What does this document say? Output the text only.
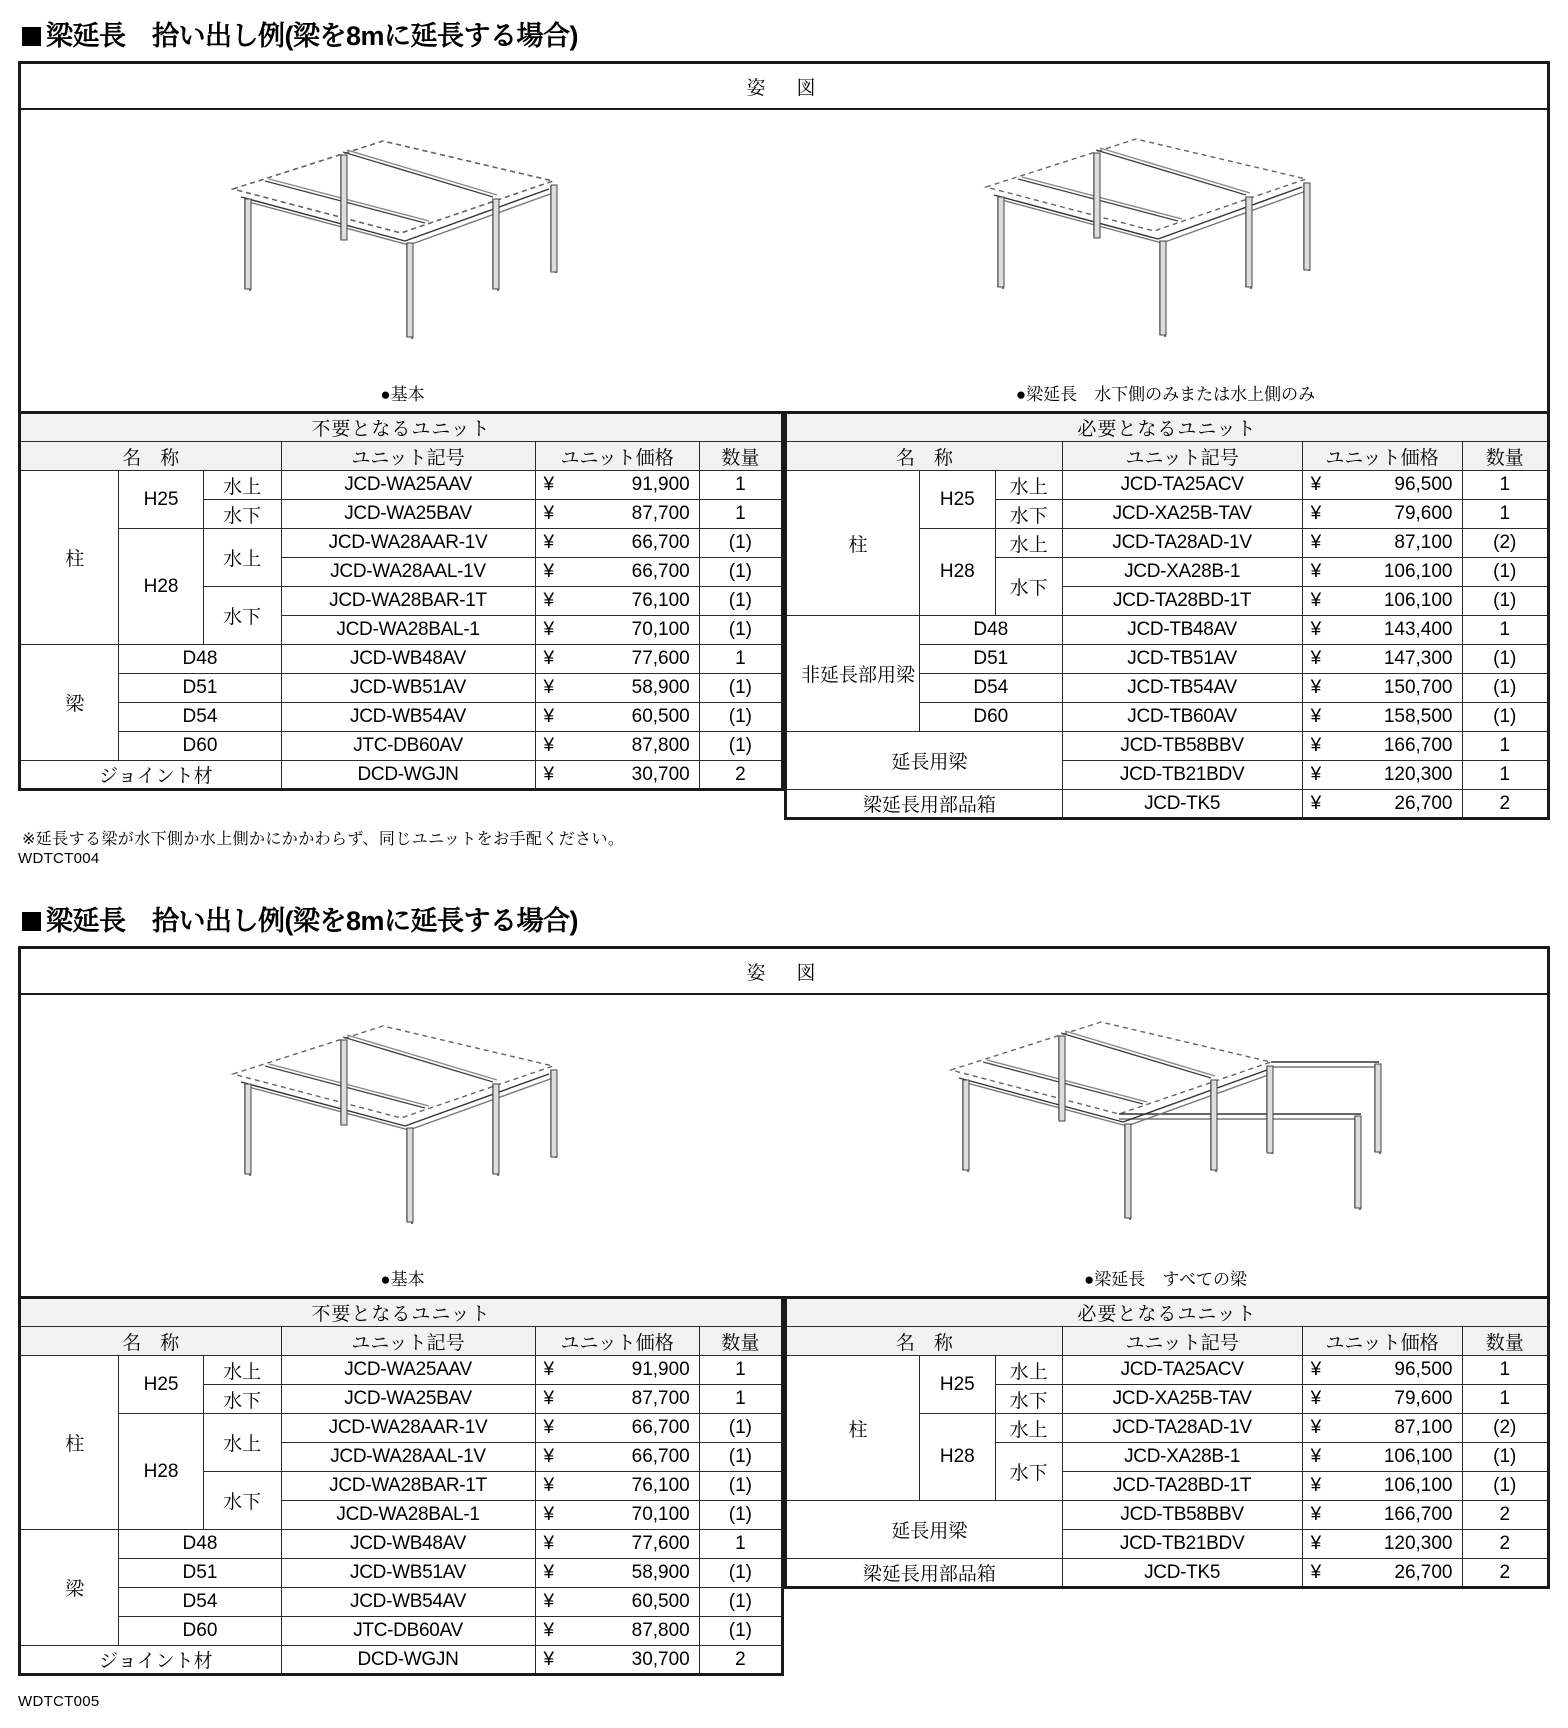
梁延長　拾い出し例(梁を8mに延長する場合)
姿　図
●基本	●梁延長　水下側のみまたは水上側のみ
不要となるユニット					
名　称			ユニット記号	ユニット価格	数量
柱	H25	水上	JCD-WA25AAV	¥ 91,900	1
		水下	JCD-WA25BAV	¥ 87,700	1
	H28	水上	JCD-WA28AAR-1V	¥ 66,700	(1)
			JCD-WA28AAL-1V	¥ 66,700	(1)
		水下	JCD-WA28BAR-1T	¥ 76,100	(1)
			JCD-WA28BAL-1	¥ 70,100	(1)
梁	D48		JCD-WB48AV	¥ 77,600	1
	D51		JCD-WB51AV	¥ 58,900	(1)
	D54		JCD-WB54AV	¥ 60,500	(1)
	D60		JTC-DB60AV	¥ 87,800	(1)
ジョイント材			DCD-WGJN	¥ 30,700	2
必要となるユニット					
名　称			ユニット記号	ユニット価格	数量
柱	H25	水上	JCD-TA25ACV	¥ 96,500	1
		水下	JCD-XA25B-TAV	¥ 79,600	1
	H28	水上	JCD-TA28AD-1V	¥ 87,100	(2)
		水下	JCD-XA28B-1	¥ 106,100	(1)
			JCD-TA28BD-1T	¥ 106,100	(1)
非延長部用梁	D48		JCD-TB48AV	¥ 143,400	1
	D51		JCD-TB51AV	¥ 147,300	(1)
	D54		JCD-TB54AV	¥ 150,700	(1)
	D60		JCD-TB60AV	¥ 158,500	(1)
延長用梁			JCD-TB58BBV	¥ 166,700	1
			JCD-TB21BDV	¥ 120,300	1
梁延長用部品箱			JCD-TK5	¥ 26,700	2
※延長する梁が水下側か水上側かにかかわらず、同じユニットをお手配ください。
WDTCT004
梁延長　拾い出し例(梁を8mに延長する場合)
姿　図
●基本	●梁延長　すべての梁
不要となるユニット					
名　称			ユニット記号	ユニット価格	数量
柱	H25	水上	JCD-WA25AAV	¥ 91,900	1
		水下	JCD-WA25BAV	¥ 87,700	1
	H28	水上	JCD-WA28AAR-1V	¥ 66,700	(1)
			JCD-WA28AAL-1V	¥ 66,700	(1)
		水下	JCD-WA28BAR-1T	¥ 76,100	(1)
			JCD-WA28BAL-1	¥ 70,100	(1)
梁	D48		JCD-WB48AV	¥ 77,600	1
	D51		JCD-WB51AV	¥ 58,900	(1)
	D54		JCD-WB54AV	¥ 60,500	(1)
	D60		JTC-DB60AV	¥ 87,800	(1)
ジョイント材			DCD-WGJN	¥ 30,700	2
必要となるユニット					
名　称			ユニット記号	ユニット価格	数量
柱	H25	水上	JCD-TA25ACV	¥ 96,500	1
		水下	JCD-XA25B-TAV	¥ 79,600	1
	H28	水上	JCD-TA28AD-1V	¥ 87,100	(2)
		水下	JCD-XA28B-1	¥ 106,100	(1)
			JCD-TA28BD-1T	¥ 106,100	(1)
延長用梁			JCD-TB58BBV	¥ 166,700	2
			JCD-TB21BDV	¥ 120,300	2
梁延長用部品箱			JCD-TK5	¥ 26,700	2

WDTCT005
